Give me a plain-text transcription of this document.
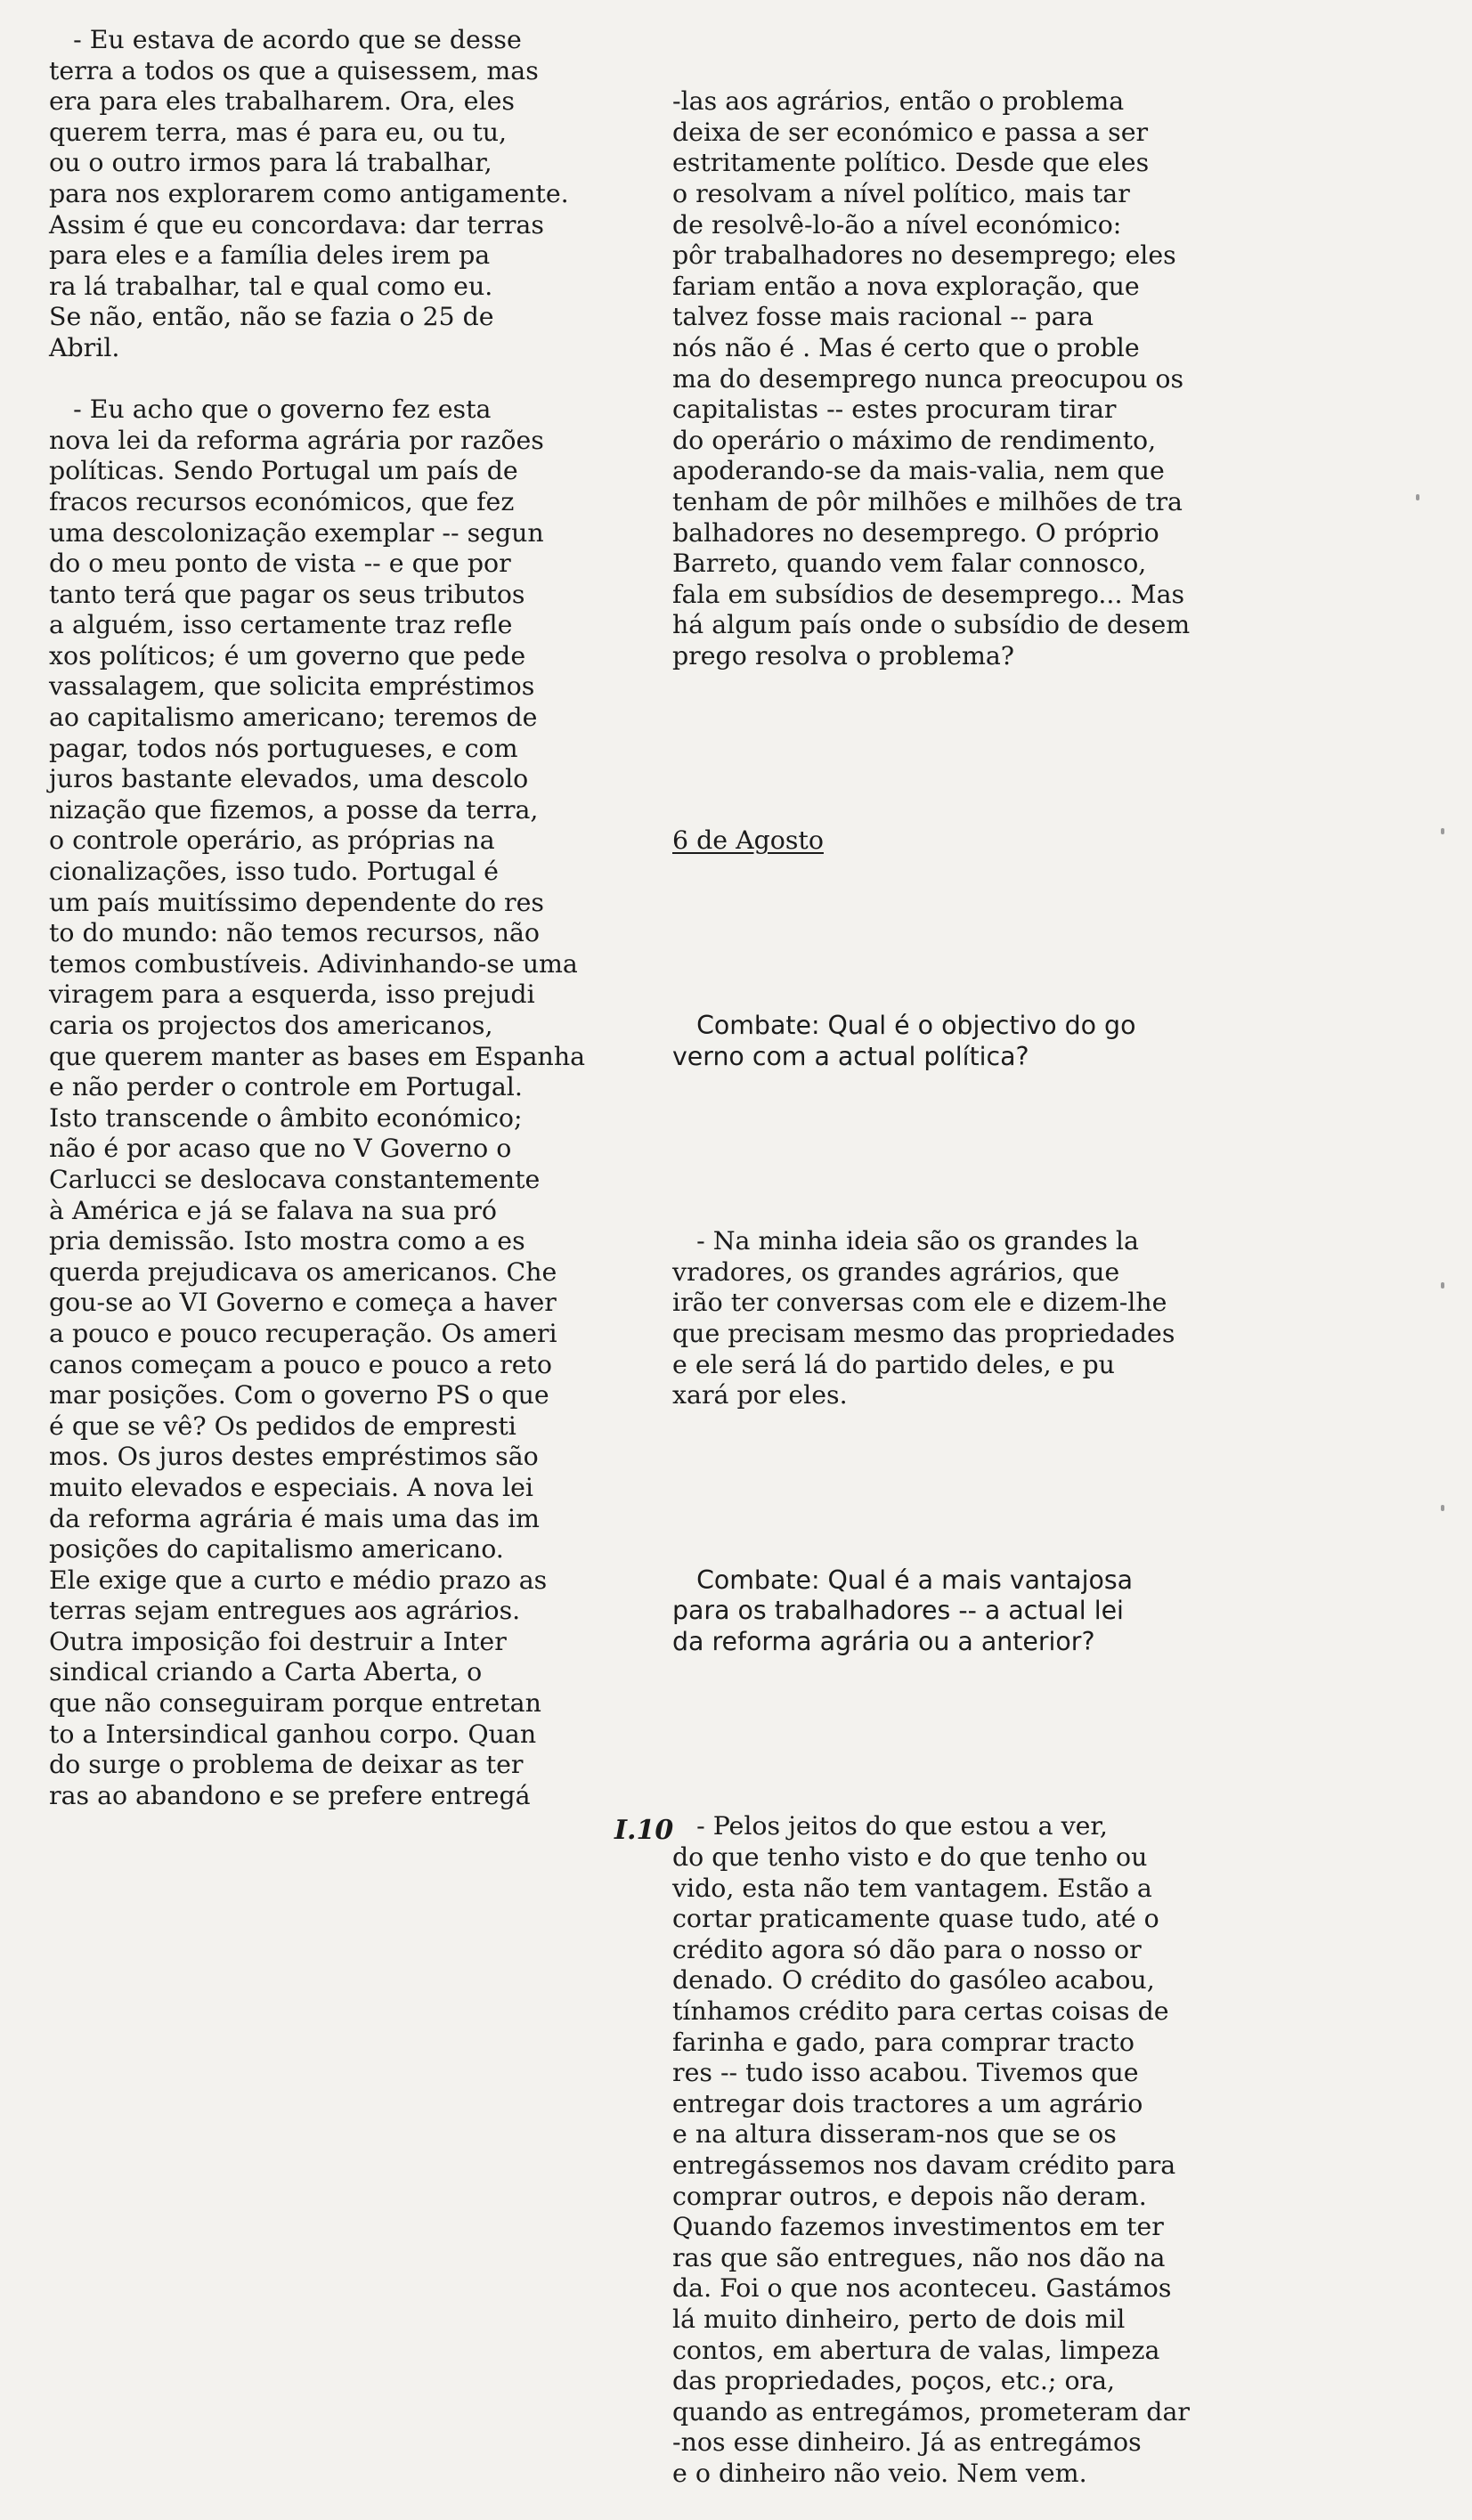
- Eu estava de acordo que se desse
terra a todos os que a quisessem, mas
era para eles trabalharem. Ora, eles
querem terra, mas é para eu, ou tu,
ou o outro irmos para lá trabalhar,
para nos explorarem como antigamente.
Assim é que eu concordava: dar terras
para eles e a família deles irem pa
ra lá trabalhar, tal e qual como eu.
Se não, então, não se fazia o 25 de
Abril.

- Eu acho que o governo fez esta
nova lei da reforma agrária por razões
políticas. Sendo Portugal um país de
fracos recursos económicos, que fez
uma descolonização exemplar -- segun
do o meu ponto de vista -- e que por
tanto terá que pagar os seus tributos
a alguém, isso certamente traz refle
xos políticos; é um governo que pede
vassalagem, que solicita empréstimos
ao capitalismo americano; teremos de
pagar, todos nós portugueses, e com
juros bastante elevados, uma descolo
nização que fizemos, a posse da terra,
o controle operário, as próprias na
cionalizações, isso tudo. Portugal é
um país muitíssimo dependente do res
to do mundo: não temos recursos, não
temos combustíveis. Adivinhando-se uma
viragem para a esquerda, isso prejudi
caria os projectos dos americanos,
que querem manter as bases em Espanha
e não perder o controle em Portugal.
Isto transcende o âmbito económico;
não é por acaso que no V Governo o
Carlucci se deslocava constantemente
à América e já se falava na sua pró
pria demissão. Isto mostra como a es
querda prejudicava os americanos. Che
gou-se ao VI Governo e começa a haver
a pouco e pouco recuperação. Os ameri
canos começam a pouco e pouco a reto
mar posições. Com o governo PS o que
é que se vê? Os pedidos de empresti
mos. Os juros destes empréstimos são
muito elevados e especiais. A nova lei
da reforma agrária é mais uma das im
posições do capitalismo americano.
Ele exige que a curto e médio prazo as
terras sejam entregues aos agrários.
Outra imposição foi destruir a Inter
sindical criando a Carta Aberta, o
que não conseguiram porque entretan
to a Intersindical ganhou corpo. Quan
do surge o problema de deixar as ter
ras ao abandono e se prefere entregá

-las aos agrários, então o problema
deixa de ser económico e passa a ser
estritamente político. Desde que eles
o resolvam a nível político, mais tar
de resolvê-lo-ão a nível económico:
pôr trabalhadores no desemprego; eles
fariam então a nova exploração, que
talvez fosse mais racional -- para
nós não é . Mas é certo que o proble
ma do desemprego nunca preocupou os
capitalistas -- estes procuram tirar
do operário o máximo de rendimento,
apoderando-se da mais-valia, nem que
tenham de pôr milhões e milhões de tra
balhadores no desemprego. O próprio
Barreto, quando vem falar connosco,
fala em subsídios de desemprego... Mas
há algum país onde o subsídio de desem
prego resolva o problema?

6 de Agosto

Combate: Qual é o objectivo do go
verno com a actual política?

- Na minha ideia são os grandes la
vradores, os grandes agrários, que
irão ter conversas com ele e dizem-lhe
que precisam mesmo das propriedades
e ele será lá do partido deles, e pu
xará por eles.

Combate: Qual é a mais vantajosa
para os trabalhadores -- a actual lei
da reforma agrária ou a anterior?

- Pelos jeitos do que estou a ver,
do que tenho visto e do que tenho ou
vido, esta não tem vantagem. Estão a
cortar praticamente quase tudo, até o
crédito agora só dão para o nosso or
denado. O crédito do gasóleo acabou,
tínhamos crédito para certas coisas de
farinha e gado, para comprar tracto
res -- tudo isso acabou. Tivemos que
entregar dois tractores a um agrário
e na altura disseram-nos que se os
entregássemos nos davam crédito para
comprar outros, e depois não deram.
Quando fazemos investimentos em ter
ras que são entregues, não nos dão na
da. Foi o que nos aconteceu. Gastámos
lá muito dinheiro, perto de dois mil
contos, em abertura de valas, limpeza
das propriedades, poços, etc.; ora,
quando as entregámos, prometeram dar
-nos esse dinheiro. Já as entregámos
e o dinheiro não veio. Nem vem.

I.10
